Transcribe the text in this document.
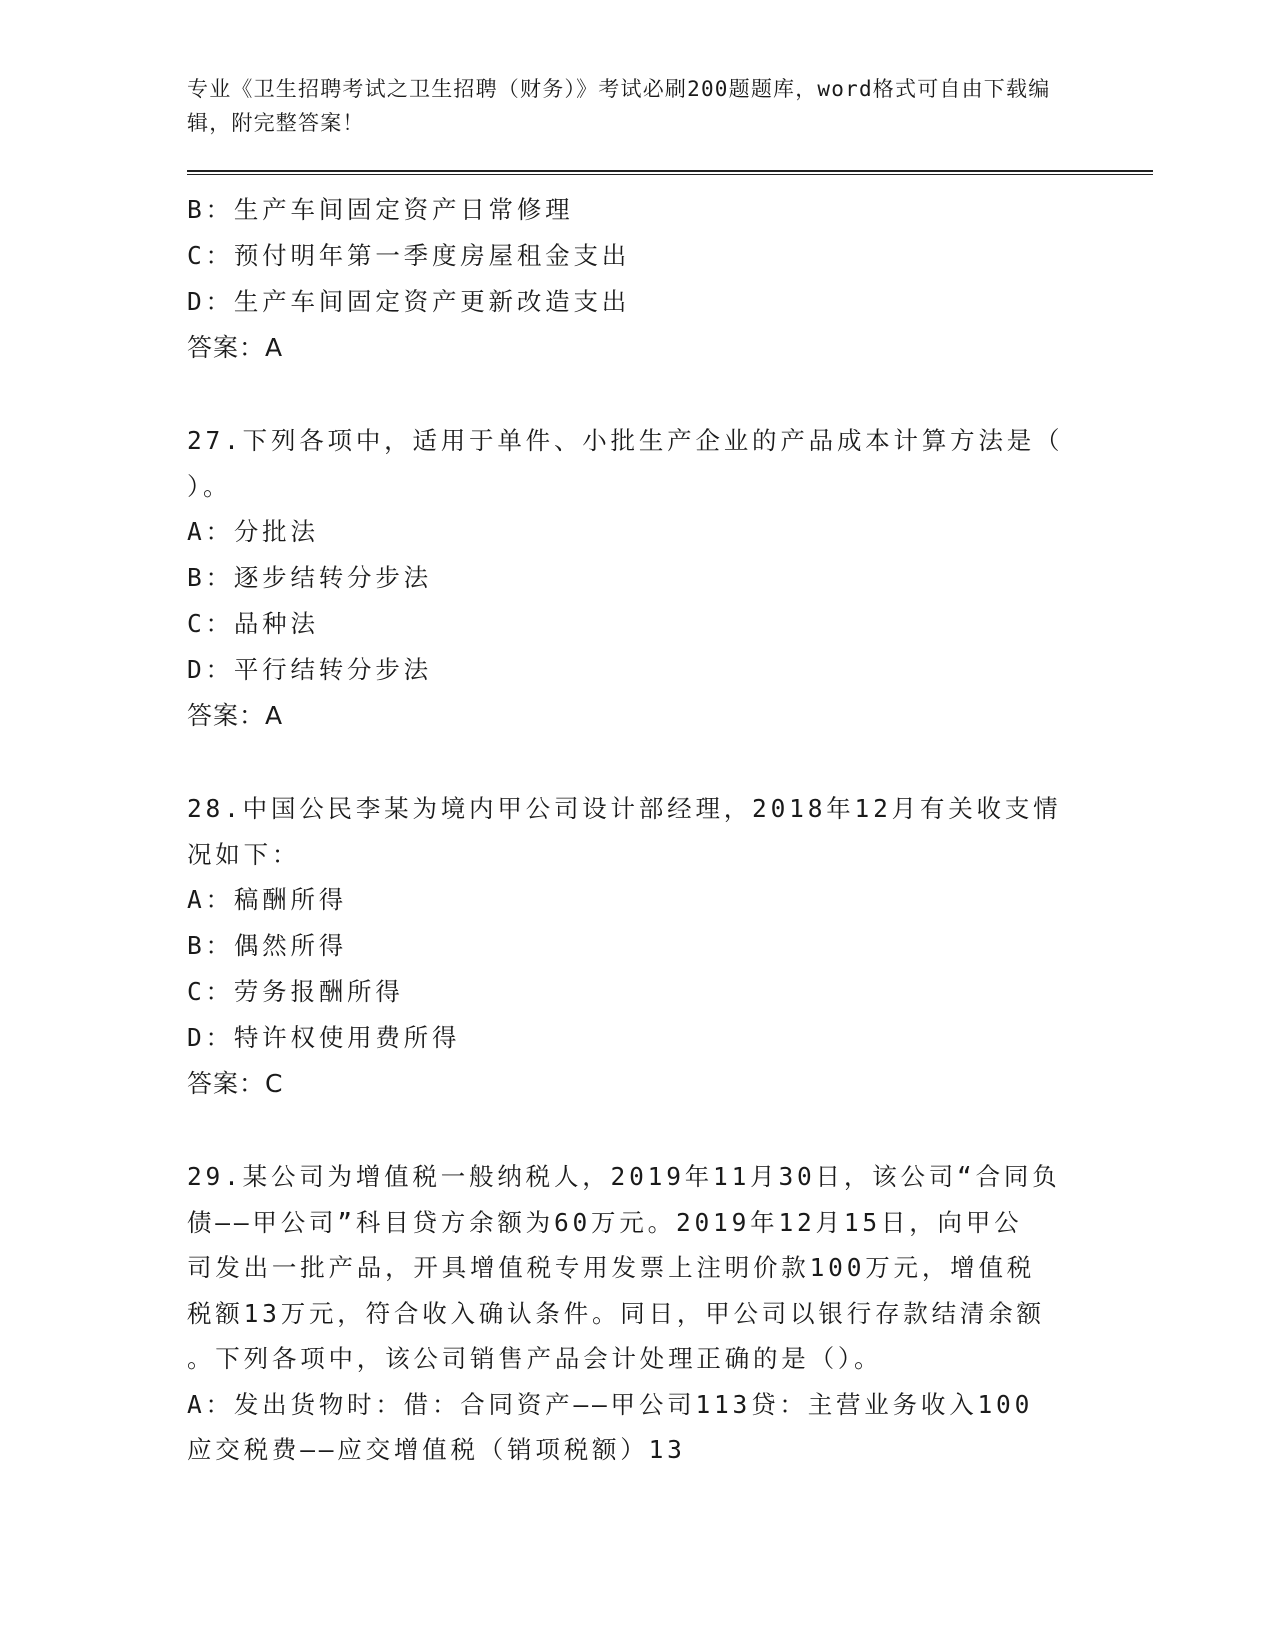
专业《卫生招聘考试之卫生招聘（财务）》考试必刷200题题库，word格式可自由下载编辑，附完整答案！
B：生产车间固定资产日常修理
C：预付明年第一季度房屋租金支出
D：生产车间固定资产更新改造支出
答案：A
27.下列各项中，适用于单件、小批生产企业的产品成本计算方法是（
）。
A：分批法
B：逐步结转分步法
C：品种法
D：平行结转分步法
答案：A
28.中国公民李某为境内甲公司设计部经理，2018年12月有关收支情
况如下：
A：稿酬所得
B：偶然所得
C：劳务报酬所得
D：特许权使用费所得
答案：C
29.某公司为增值税一般纳税人，2019年11月30日，该公司“合同负
债——甲公司”科目贷方余额为60万元。2019年12月15日，向甲公
司发出一批产品，开具增值税专用发票上注明价款100万元，增值税
税额13万元，符合收入确认条件。同日，甲公司以银行存款结清余额
。下列各项中，该公司销售产品会计处理正确的是（）。
A：发出货物时：借：合同资产——甲公司113贷：主营业务收入100
应交税费——应交增值税（销项税额）13
